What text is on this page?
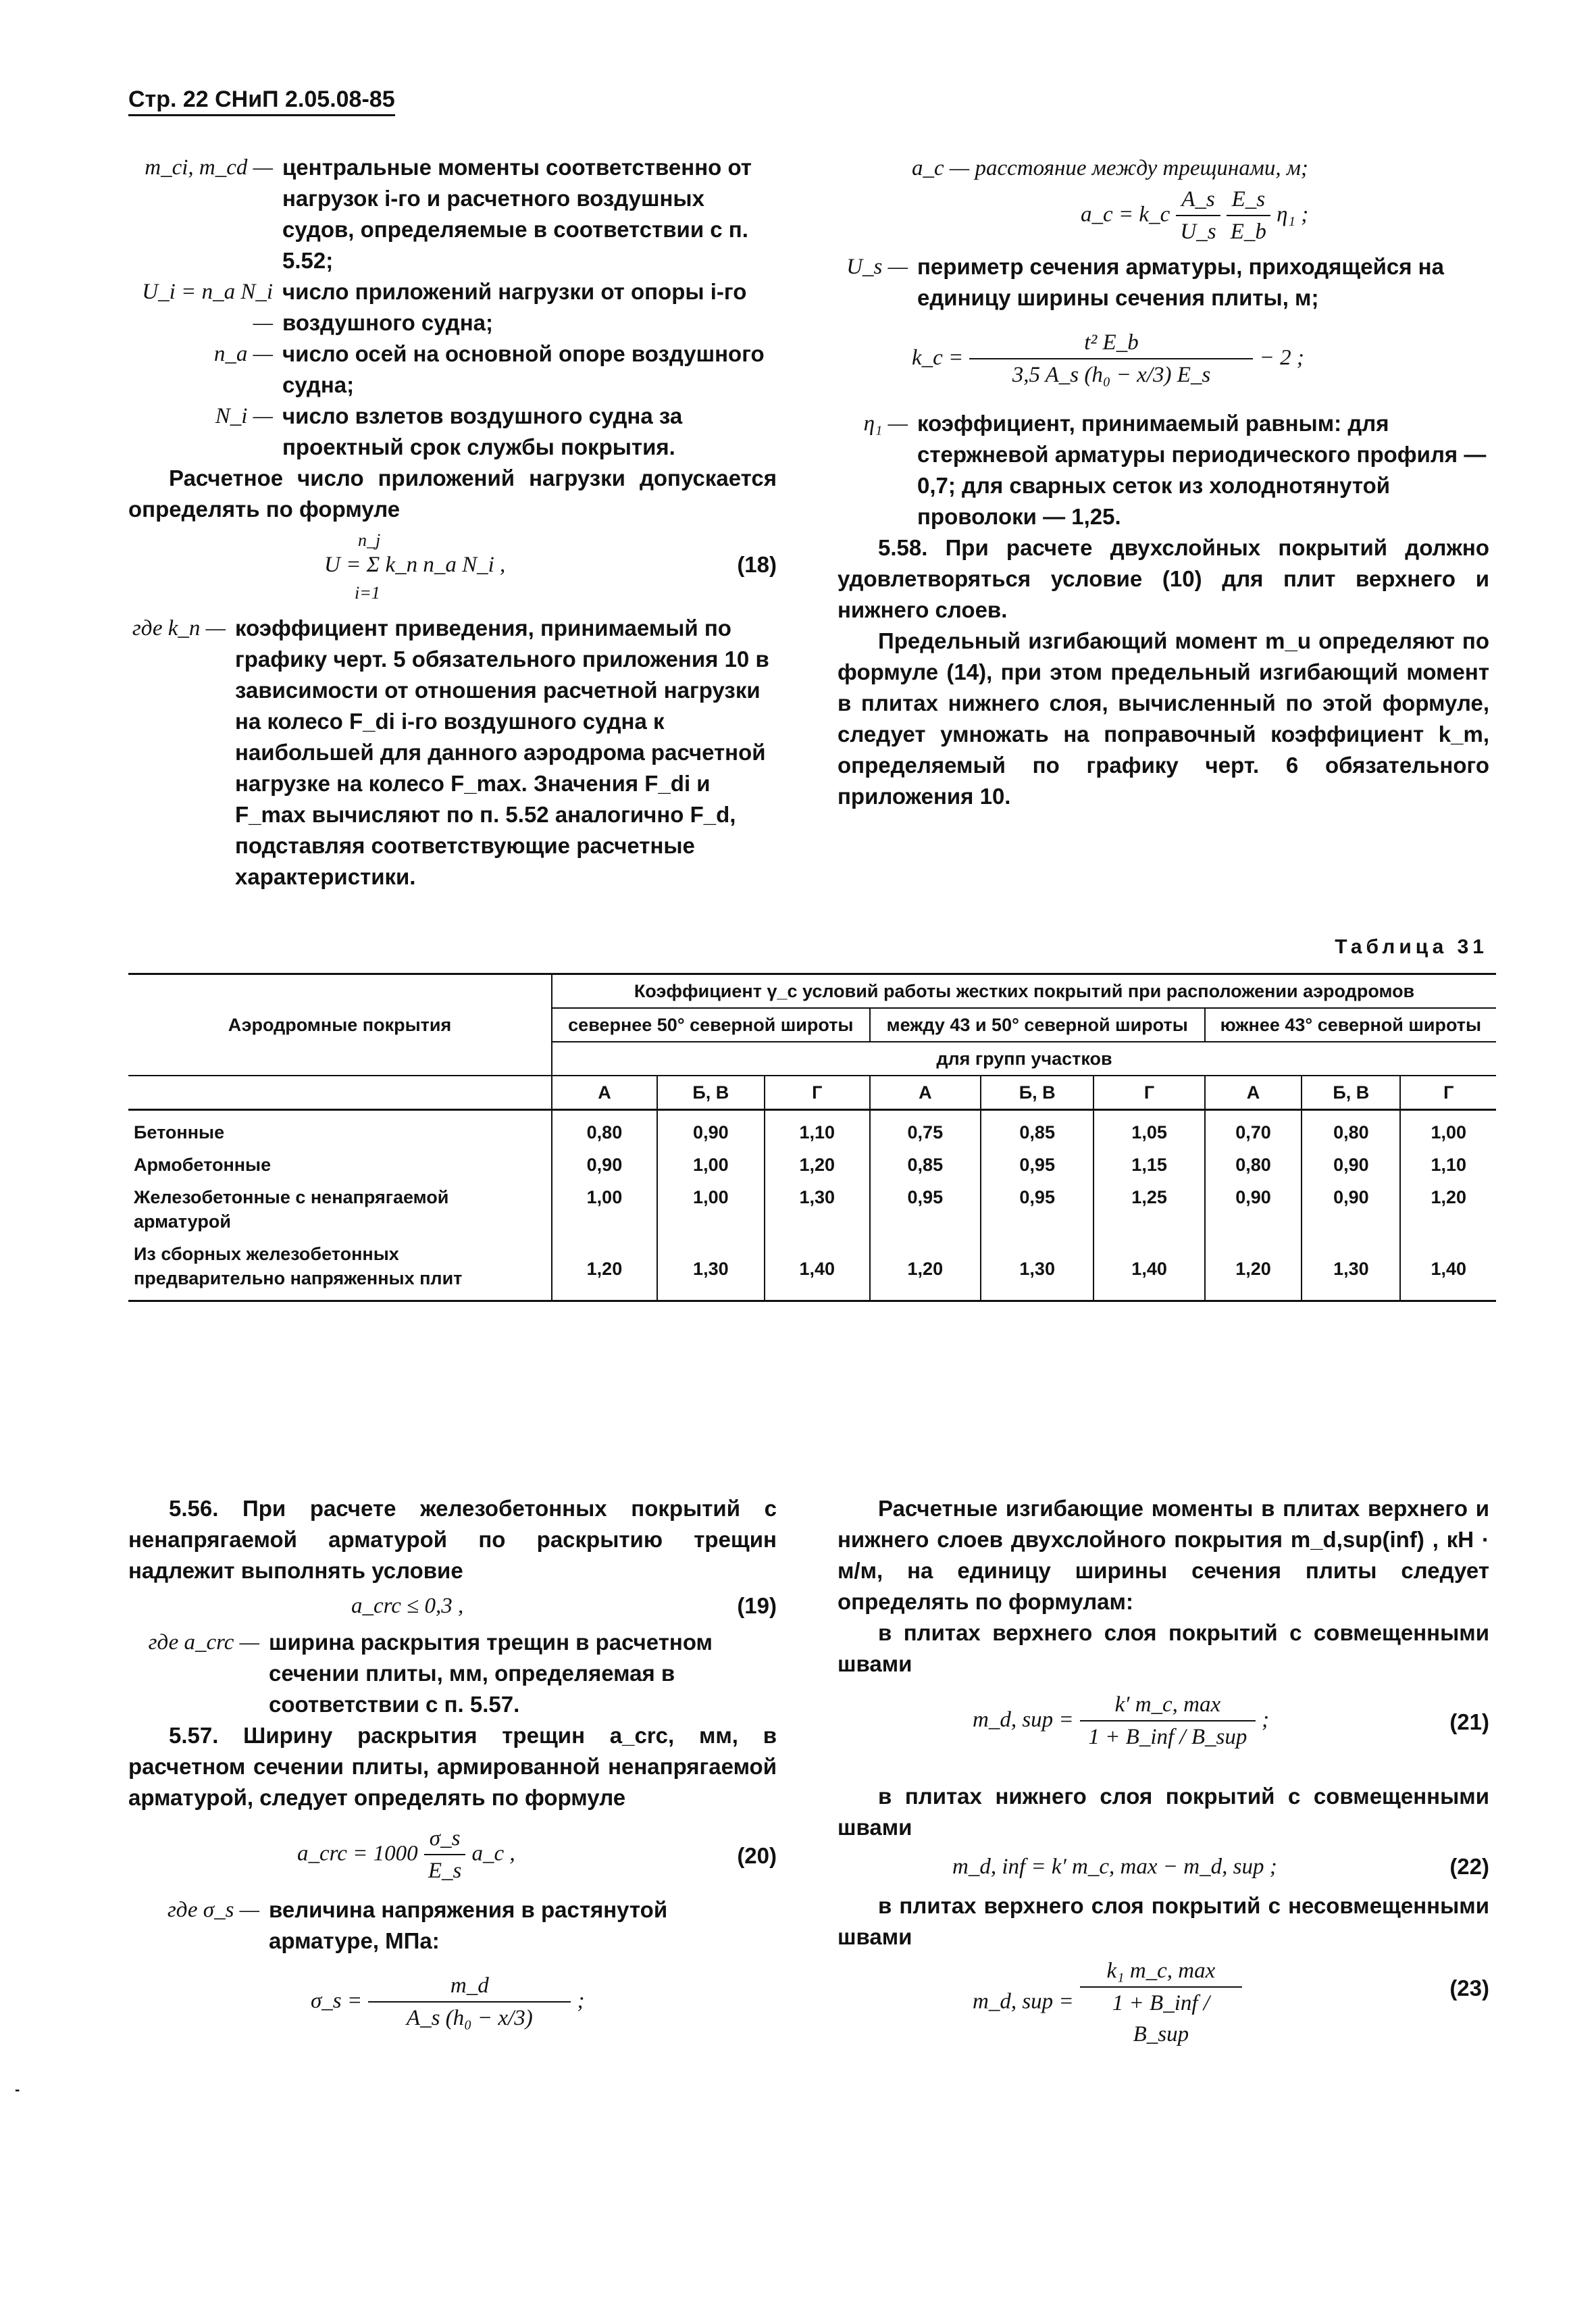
Стр. 22 СНиП 2.05.08-85
m_ci, m_cd — центральные моменты соответственно от нагрузок i-го и расчетного воздушных судов, определяемые в соответствии с п. 5.52;
U_i = n_a N_i —
число приложений нагрузки от опоры i-го воздушного судна;
n_a — число осей на основной опоре воздушного судна;
N_i — число взлетов воздушного судна за проектный срок службы покрытия.
Расчетное число приложений нагрузки допускается определять по формуле
n_j
U = Σ k_n n_a N_i ,
i=1
(18)
где k_n — коэффициент приведения, принимаемый по графику черт. 5 обязательного приложения 10 в зависимости от отношения расчетной нагрузки на колесо F_di i-го воздушного судна к наибольшей для данного аэродрома расчетной нагрузке на колесо F_max. Значения F_di и F_max вычисляют по п. 5.52 аналогично F_d, подставляя соответствующие расчетные характеристики.
a_c — расстояние между трещинами, м;
a_c = k_c $\frac{A\_s}{U\_s}$
$\frac{E\_s}{E\_b} \eta_1$ ;
U_s — периметр сечения арматуры, приходящейся на единицу ширины сечения плиты, м;
k_c = $\frac{\text{t² E\_b}}{\text{3,5 A\_s (h₀ − x/3) E\_s}} - 2$ ;
η₁ — коэффициент, принимаемый равным: для стержневой арматуры периодического профиля — 0,7; для сварных сеток из холоднотянутой проволоки — 1,25.
5.58. При расчете двухслойных покрытий должно удовлетворяться условие (10) для плит верхнего и нижнего слоев.
Предельный изгибающий момент m_u определяют по формуле (14), при этом предельный изгибающий момент в плитах нижнего слоя, вычисленный по этой формуле, следует умножать на поправочный коэффициент k_m, определяемый по графику черт. 6 обязательного приложения 10.
Таблица 31
Аэродромные покрытия	Коэффициент γ_c условий работы жестких покрытий при расположении аэродромов								
	севернее 50° северной широты			между 43 и 50° северной широты			южнее 43° северной широты		
	для групп участков								
	А	Б, В	Г	А	Б, В	Г	А	Б, В	Г
Бетонные	0,80	0,90	1,10	0,75	0,85	1,05	0,70	0,80	1,00
Армобетонные	0,90	1,00	1,20	0,85	0,95	1,15	0,80	0,90	1,10
Железобетонные с ненапрягаемой арматурой	1,00	1,00	1,30	0,95	0,95	1,25	0,90	0,90	1,20
Из сборных железобетонных предварительно напряженных плит	1,20	1,30	1,40	1,20	1,30	1,40	1,20	1,30	1,40
5.56. При расчете железобетонных покрытий с ненапрягаемой арматурой по раскрытию трещин надлежит выполнять условие
a_crc ≤ 0,3 ,	(19)
где a_crc — ширина раскрытия трещин в расчетном сечении плиты, мм, определяемая в соответствии с п. 5.57.
5.57. Ширину раскрытия трещин a_crc, мм, в расчетном сечении плиты, армированной ненапрягаемой арматурой, следует определять по формуле
a_crc = $1000 \frac{\sigma\_s}{E\_s}$ a_c ,	(20)
где σ_s — величина напряжения в растянутой арматуре, МПа:
σ_s = $\frac{m\_d}{\text{A\_s (h₀ − x/3)}}$ ;
Расчетные изгибающие моменты в плитах верхнего и нижнего слоев двухслойного покрытия m_d,sup(inf) , кН · м/м, на единицу ширины сечения плиты следует определять по формулам:
в плитах верхнего слоя покрытий с совмещенными швами
m_d, sup = $\frac{k' m\_c, \max}{\text{1 + B\_inf / B\_sup}}$ ;	(21)
в плитах нижнего слоя покрытий с совмещенными швами
m_d, inf = k′ m_c, max − m_d, sup ;	(22)
в плитах верхнего слоя покрытий с несовмещенными швами
m_d, sup = $\frac{\text{k₁ m\_c, max}}{\text{1 + B\_inf / B\_sup}}$	(23)
-
